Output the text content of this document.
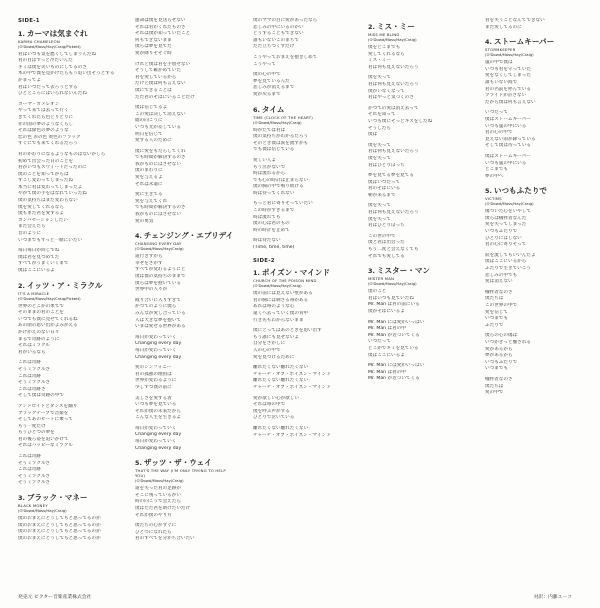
SIDE-1
1. カーマは気まぐれ
KARMA CHAMELEON
(O'Dowd/Moss/Hay/Craig/Pickett)
君はいつも気を悪くしてしまうんだね
君の目はずっと冷たいんだ
キミは僕を笑いものにしてるのさ
木の中で僕を見かけたらもう追い出そうとする
かまってよ
君はいつだって去ろうとする
ひとところにはいられないんだね
カーマ・カメレオン
やって来ては去って行く
きてくれたら色とりどりに
赤の国の夢のようなくらし
それは緑色の夢のような
恋の色 赤の色 黄色のフラッグ
すぐにでも来てくれるだろう
君のかわりになるようなものはないかしら
初めて出会った日のことを
君がいつもスウィートだったのに
僕のことを知ってからは
すこし変わってしまったね
本当に君は変わってしまったよ
やがて僕の手をはなれていったね
僕の気持ちはまだ変わらない
僕を愛してくれるなら
僕もまた君を愛するよ
カンバセーションしたい
また会えたら
昔のように
いつまでもずっと一緒にいたい
毎日毎日が同じでね
僕は君を見つめてた
すべてがうまくいくまで
僕はここにいるよ
2. イッツ・ア・ミラクル
IT'S A MIRACLE
(O'Dowd/Moss/Hay/Craig/Pickett)
世界のどこかの果てで
そのままの君のことを
いつでも僕に見せてくれるね
あの頃の思い出がよみがえる
かけがえのない日々
まるで奇跡のように
それはミラクル
君がいるなら
これは奇跡
そうミラクルさ
これは奇跡
そうミラクルさ
これは奇跡さ
そして僕は奇跡の中で
アンドロイドとダンスを踊り
ブラックテープで音楽を
そしてあのビートに乗って
もう一度だけ
もうひとつの夢を
君の後ろ姿を追いかけて
それはハッピーなミラクル
これは奇跡
そうミラクルさ
これは奇跡
そうミラクルさ
そうミラクルさ
3. ブラック・マネー
BLACK MONEY
(O'Dowd/Moss/Hay/Craig)
僕のおまえにどうしてもと思ってるのか
僕のおまえにどうしてもと思ってるのか
僕のおまえにどうしてもと思ってるのか
僕のおまえにどうしてもと思ってるのか
運命は僕を見送らせない
それは君がくれたものさ
それは僕が知っていたこと
何もできないまま
僕らは夢を見てた
愛が降りそそぐ時
けれど僕は君を手放せない
そうして確かめていた
君を愛しているから
だけど僕は何も言えない
僕にできることは
ただ君のそばにいることだけ
僕は信じてるよ
この愛は決して消えない
闇の向こうに
いつも光が差している
明日を信じて
愛する人のために
僕に愛をもたらしてくれ
でも時間が解決するのさ
我がものにはさせない
僕のまわりに
愛を与えるよ
それは永遠に
愛に生きてる
愛を与えてくれ
でも時間が解決するのさ
我がものにはさせない
愛の勇気
4. チェンジング・エブリデイ
CHANGING EVERY DAY
(O'Dowd/Moss/Hay/Craig)
道行きすがら
幸せをさがす
すべてが変わるようにと
僕は僕の気持ちのままで
僕らは夢を抱いている
世界中の人々が
殴り合いに入りすぎて
かつてのように僕ら
みんなが愛し合っている
人は大きな夢を抱いて
いまは愛せる世界がある
毎日が変わっていく
Changing every day
毎日が変わっていく
Changing every day
愛のシンフォニー
君の孤独の理由は
世界が変わるように
少しずつ僕の前に
美しさを愛する者
いつも夢を見ている
それが僕の未来だから
こんな人生を生きるよ
毎日が変わっていく
Changing every day
毎日が変わっていく
Changing every day
5. ザッツ・ザ・ウェイ
THAT'S THE WAY (I'M ONLY TRYING TO HELP YOU)
(O'Dowd/Moss/Hay/Craig)
道を失った君の足跡が
そこに残っているかい
時の向こうで会えたら
僕はただ君を助けたいだけ
それが僕のやり方
僕たちの心がすぐに
ひとつになれたら
君のすべてを分かち合いたい
僕のママの目に愛があったなら
悲しみの中にいるのかい
どうすることもできない
誰もいないこのまちで
ただ立ちつくすだけ
こうやっておまえを抱きしめて
こうやって
僕の心の中で
夢を見ているんだ
悲しみが消えるまで
愛が戻るまで
6. タイム
TIME (CLOCK OF THE HEART)
(O'Dowd/Moss/Hay/Craig)
時がたてば君は
僕の気持ちがわかるだろう
そのとき僕は涙を流すかも
でも僕は信じている
愛しい人よ
もう泣かないで
時は流れるから
でも心の時計は止まらない
僕の胸の中で鳴り続ける
時は待ってくれない
もっと君に寄りそっていたい
この時がすぎるまで
時は流れても
僕の心は君のもの
時の時計を止めて
時は待たない
(Time, time, time)
SIDE-2
1. ポイズン・マインド
CHURCH OF THE POISON MIND
(O'Dowd/Moss/Hay/Craig)
僕の前には見えない壁がある
君の胸には刺さる毒がある
あれは毒のような心
遠くへ去っていく僕の背中
行き先もわからないまま
僕にとってはあのときを思い出す
もう誰にも見せないよ
自分をさがしに
人の心の中で
愛を見つけるために
離れたくない離れたくない
チャーチ・オブ・ポイズン・マインド
離れたくない離れたくない
チャーチ・オブ・ポイズン・マインド
愛が欲しい心が欲しい
それは毒の中で
僕を呼ぶ声がする
ひとりで泣いている
離れたくない離れたくない
チャーチ・オブ・ポイズン・マインド
2. ミス・ミー
MISS ME BLIND
(O'Dowd/Moss/Hay/Craig)
僕をどこまでも
愛してくれるなら
ミス・ミー
君は何も見えないだろう
僕を失って
君は何も見えないだろう
僕がいなくなって
君はやっと気づくのさ
かつての愛は消え去って
それを知って
いつも僕にそっとキスをしたね
そうしたら
僕は
僕を失って
君は何も見えないだろう
僕を失って
君はひとりぼっち
夢を見てる夢を見てる
僕はいつだって
君のそばにいる
朝が来るまで
僕を失って
君は何も見えないだろう
僕を失って
君はひとりぼっち
この世の中で
僕と君は出会った
もう二度と会えなくても
それでも愛してる
3. ミスター・マン
MISTER MAN
(O'Dowd/Moss/Hay/Craig)
僕のこと
君はいつも見ていたね
Mr. Man は君の前にいる
僕がそばにいるよ
Mr. Man には愛がいっぱい
Mr. Man は君の中
Mr. Man が近づいてくる
いつだって
どこかでキミを見ている
僕はここにいるよ
Mr. Man には愛がいっぱい
Mr. Man は君の中
Mr. Man が近づいてくる
君を失うことなんてできない
まだ愛してるのに
4. ストームキーパー
STORMKEEPER
(O'Dowd/Moss/Hay/Craig)
嵐の中で僕は
いつも君を守っていた
愛をなくしてしまった
誰もいない海で
君の名前を呼んでいる
プライドが許さない
だから僕は何も言えない
いつだって
僕はストームキーパー
いつも嵐の中にいる
君の心の中で
見えない雨が降っている
そして僕は待っている
僕はストームキーパー
いつも嵐の中にいる
どこまでも
夢の中へ
5. いつもふたりで
VICTIMS
(O'Dowd/Moss/Hay/Craig)
傷ついた心をいやして
僕らは犠牲者なんだ
愛を失ってしまった
いつもふたりで
ひとりにはしない
君の心に寄りそって
涙を流してもいいんだよ
僕はここにいるから
ふたりで生きていこう
悲しみの中でも
愛は消えない
犠牲者なのさ
僕たちは
この世界の中で
愛を信じて
いつまでも
ふたりで
僕らの心の傷は
いつかきっと癒される
愛があるから
夢があるから
いつもふたりで
いつまでも
犠牲者なのさ
僕たちは
愛の中で
発売元 ビクター音楽産業株式会社	対訳：内藤ユーコ
